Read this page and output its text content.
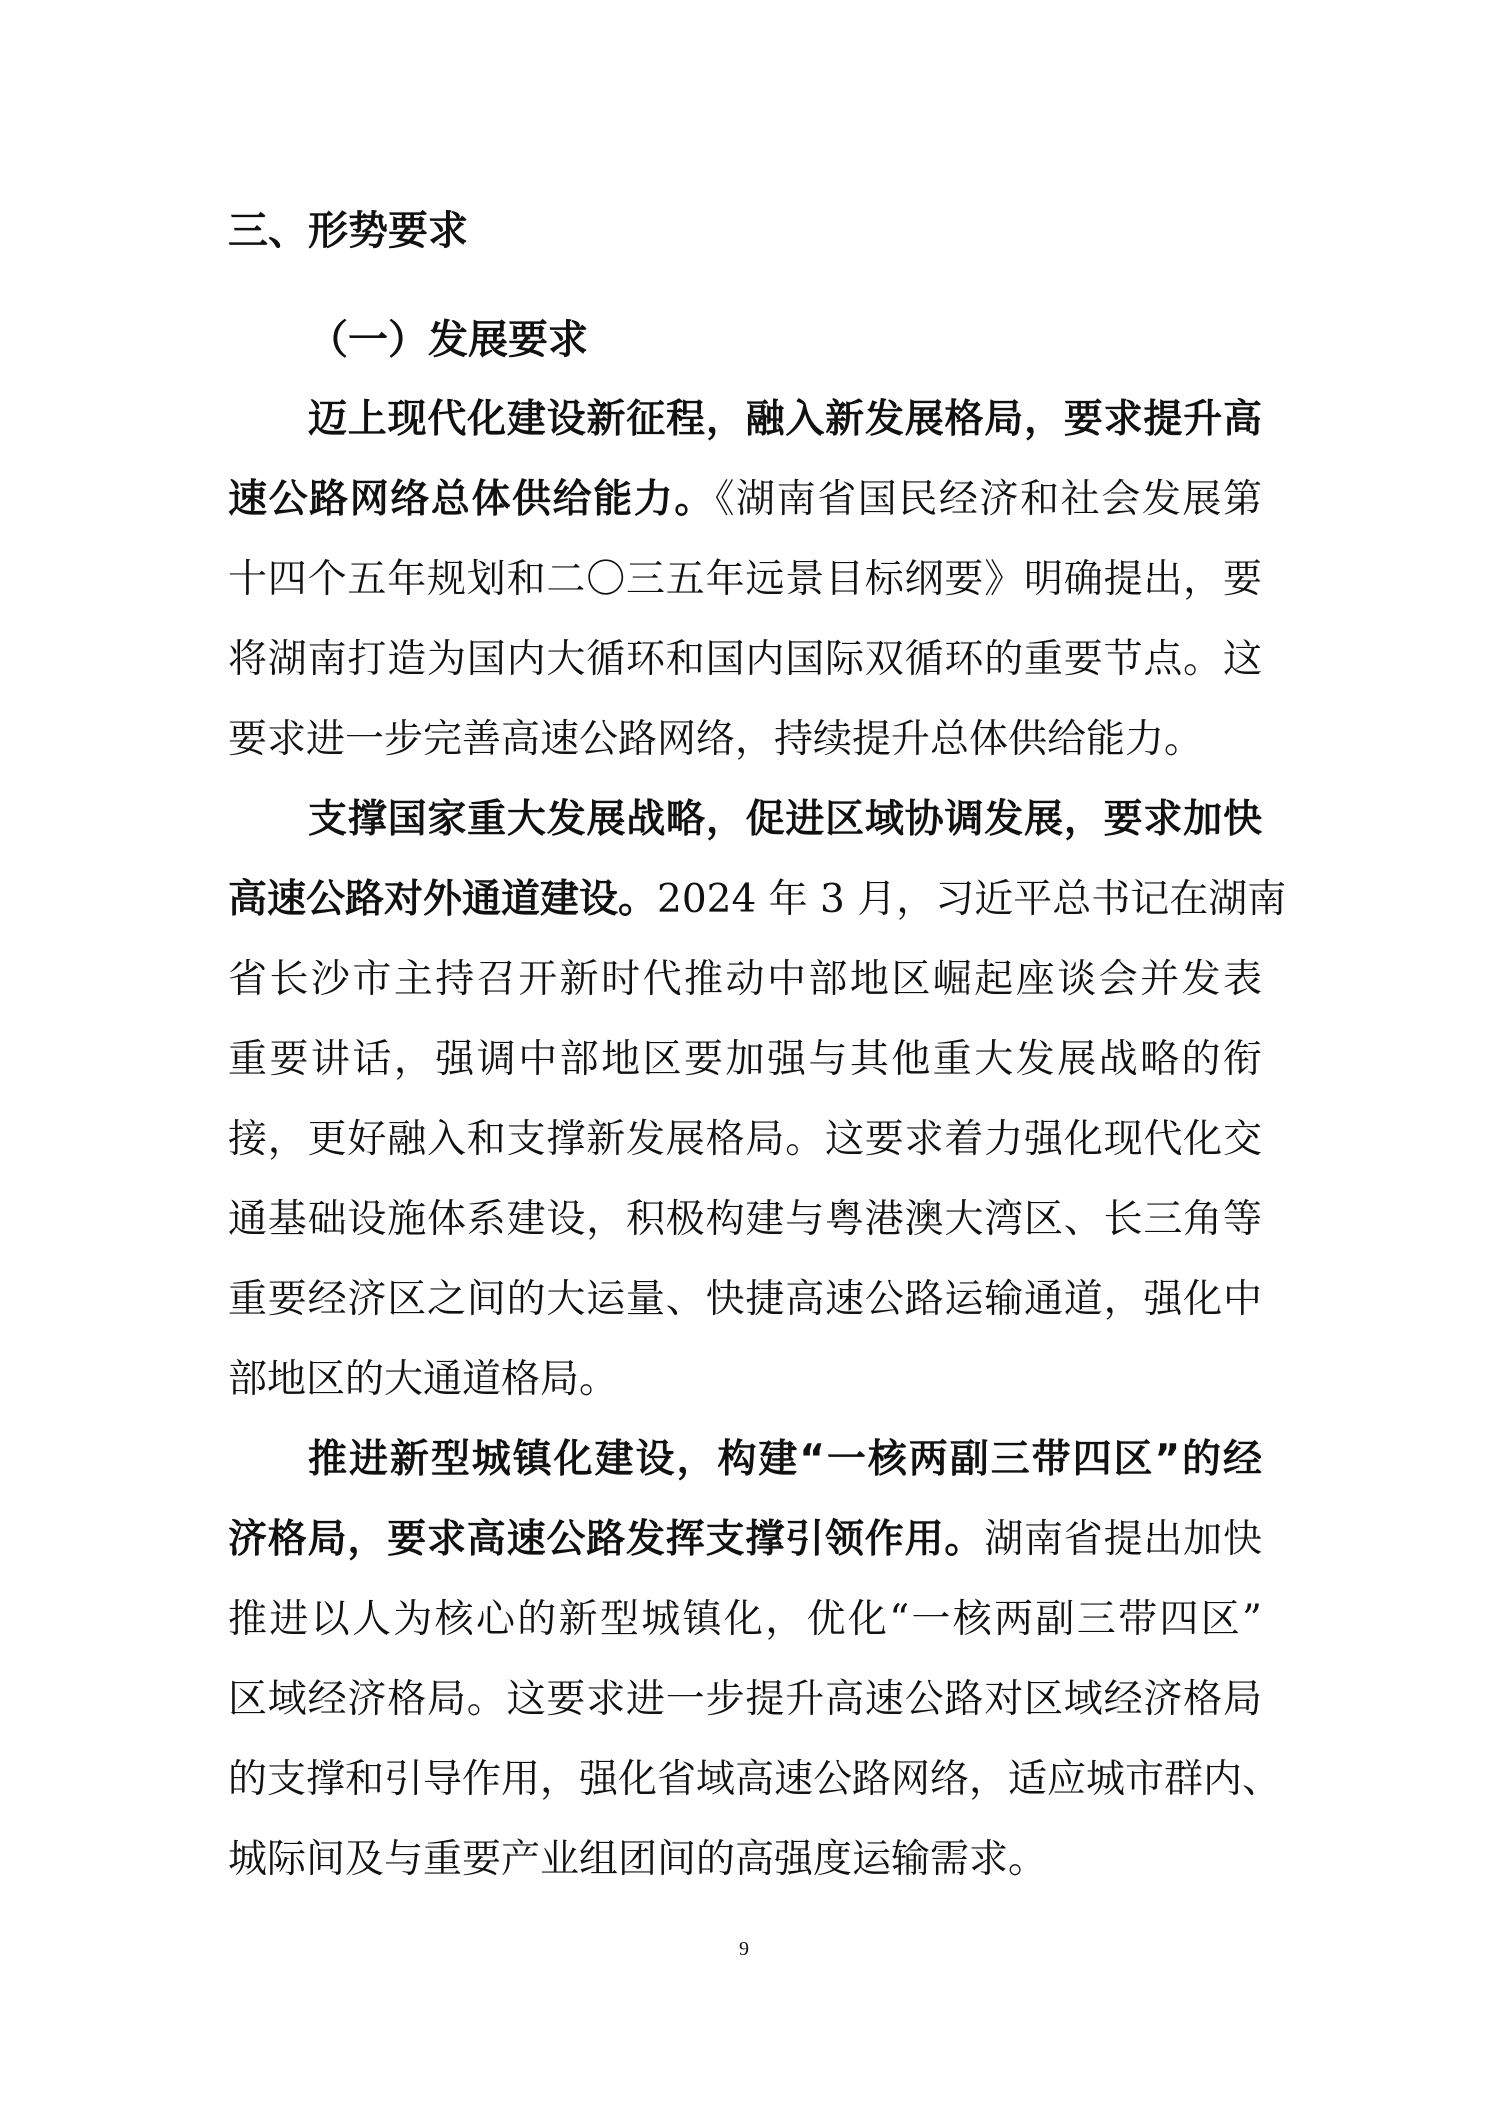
三、形势要求
（一）发展要求
迈上现代化建设新征程，融入新发展格局，要求提升高
速公路网络总体供给能力。《湖南省国民经济和社会发展第
十四个五年规划和二〇三五年远景目标纲要》明确提出，要
将湖南打造为国内大循环和国内国际双循环的重要节点。这
要求进一步完善高速公路网络，持续提升总体供给能力。
支撑国家重大发展战略，促进区域协调发展，要求加快
高速公路对外通道建设。2024 年 3 月，习近平总书记在湖南
省长沙市主持召开新时代推动中部地区崛起座谈会并发表
重要讲话，强调中部地区要加强与其他重大发展战略的衔
接，更好融入和支撑新发展格局。这要求着力强化现代化交
通基础设施体系建设，积极构建与粤港澳大湾区、长三角等
重要经济区之间的大运量、快捷高速公路运输通道，强化中
部地区的大通道格局。
推进新型城镇化建设，构建“一核两副三带四区”的经
济格局，要求高速公路发挥支撑引领作用。湖南省提出加快
推进以人为核心的新型城镇化，优化“一核两副三带四区”
区域经济格局。这要求进一步提升高速公路对区域经济格局
的支撑和引导作用，强化省域高速公路网络，适应城市群内、
城际间及与重要产业组团间的高强度运输需求。
9
